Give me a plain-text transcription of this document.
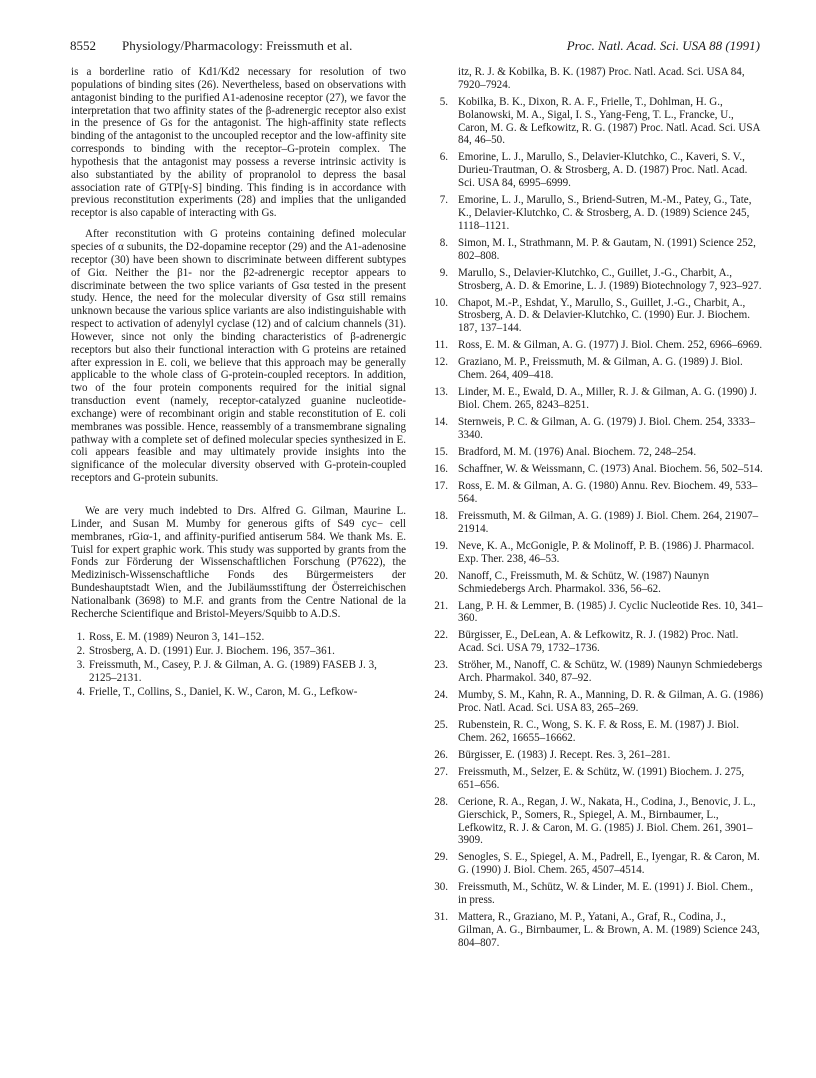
8552 Physiology/Pharmacology: Freissmuth et al.	Proc. Natl. Acad. Sci. USA 88 (1991)

is a borderline ratio of Kd1/Kd2 necessary for resolution of two populations of binding sites (26). Nevertheless, based on observations with antagonist binding to the purified A1-adenosine receptor (27), we favor the interpretation that two affinity states of the β-adrenergic receptor also exist in the presence of Gs for the antagonist. The high-affinity state reflects binding of the antagonist to the uncoupled receptor and the low-affinity site corresponds to binding with the receptor–G-protein complex. The hypothesis that the antagonist may possess a reverse intrinsic activity is also substantiated by the ability of propranolol to depress the basal association rate of GTP[γ-S] binding. This finding is in accordance with previous reconstitution experiments (28) and implies that the unliganded receptor is also capable of interacting with Gs.

After reconstitution with G proteins containing defined molecular species of α subunits, the D2-dopamine receptor (29) and the A1-adenosine receptor (30) have been shown to discriminate between different subtypes of Giα. Neither the β1- nor the β2-adrenergic receptor appears to discriminate between the two splice variants of Gsα tested in the present study. Hence, the need for the molecular diversity of Gsα still remains unknown because the various splice variants are also indistinguishable with respect to activation of adenylyl cyclase (12) and of calcium channels (31). However, since not only the binding characteristics of β-adrenergic receptors but also their functional interaction with G proteins are retained after expression in E. coli, we believe that this approach may be generally applicable to the whole class of G-protein-coupled receptors. In addition, two of the four protein components required for the initial signal transduction event (namely, receptor-catalyzed guanine nucleotide-exchange) were of recombinant origin and stable reconstitution of E. coli membranes was possible. Hence, reassembly of a transmembrane signaling pathway with a complete set of defined molecular species synthesized in E. coli appears feasible and may ultimately provide insights into the significance of the molecular diversity observed with G-protein-coupled receptors and G-protein subunits.

We are very much indebted to Drs. Alfred G. Gilman, Maurine L. Linder, and Susan M. Mumby for generous gifts of S49 cyc− cell membranes, rGiα-1, and affinity-purified antiserum 584. We thank Ms. E. Tuisl for expert graphic work. This study was supported by grants from the Fonds zur Förderung der Wissenschaftlichen Forschung (P7622), the Medizinisch-Wissenschaftliche Fonds des Bürgermeisters der Bundeshauptstadt Wien, and the Jubiläumsstiftung der Österreichischen Nationalbank (3698) to M.F. and grants from the Centre National de la Recherche Scientifique and Bristol-Meyers/Squibb to A.D.S.

1. Ross, E. M. (1989) Neuron 3, 141–152.
2. Strosberg, A. D. (1991) Eur. J. Biochem. 196, 357–361.
3. Freissmuth, M., Casey, P. J. & Gilman, A. G. (1989) FASEB J. 3, 2125–2131.
4. Frielle, T., Collins, S., Daniel, K. W., Caron, M. G., Lefkow-
itz, R. J. & Kobilka, B. K. (1987) Proc. Natl. Acad. Sci. USA 84, 7920–7924.
5. Kobilka, B. K., Dixon, R. A. F., Frielle, T., Dohlman, H. G., Bolanowski, M. A., Sigal, I. S., Yang-Feng, T. L., Francke, U., Caron, M. G. & Lefkowitz, R. G. (1987) Proc. Natl. Acad. Sci. USA 84, 46–50.
6. Emorine, L. J., Marullo, S., Delavier-Klutchko, C., Kaveri, S. V., Durieu-Trautman, O. & Strosberg, A. D. (1987) Proc. Natl. Acad. Sci. USA 84, 6995–6999.
7. Emorine, L. J., Marullo, S., Briend-Sutren, M.-M., Patey, G., Tate, K., Delavier-Klutchko, C. & Strosberg, A. D. (1989) Science 245, 1118–1121.
8. Simon, M. I., Strathmann, M. P. & Gautam, N. (1991) Science 252, 802–808.
9. Marullo, S., Delavier-Klutchko, C., Guillet, J.-G., Charbit, A., Strosberg, A. D. & Emorine, L. J. (1989) Biotechnology 7, 923–927.
10. Chapot, M.-P., Eshdat, Y., Marullo, S., Guillet, J.-G., Charbit, A., Strosberg, A. D. & Delavier-Klutchko, C. (1990) Eur. J. Biochem. 187, 137–144.
11. Ross, E. M. & Gilman, A. G. (1977) J. Biol. Chem. 252, 6966–6969.
12. Graziano, M. P., Freissmuth, M. & Gilman, A. G. (1989) J. Biol. Chem. 264, 409–418.
13. Linder, M. E., Ewald, D. A., Miller, R. J. & Gilman, A. G. (1990) J. Biol. Chem. 265, 8243–8251.
14. Sternweis, P. C. & Gilman, A. G. (1979) J. Biol. Chem. 254, 3333–3340.
15. Bradford, M. M. (1976) Anal. Biochem. 72, 248–254.
16. Schaffner, W. & Weissmann, C. (1973) Anal. Biochem. 56, 502–514.
17. Ross, E. M. & Gilman, A. G. (1980) Annu. Rev. Biochem. 49, 533–564.
18. Freissmuth, M. & Gilman, A. G. (1989) J. Biol. Chem. 264, 21907–21914.
19. Neve, K. A., McGonigle, P. & Molinoff, P. B. (1986) J. Pharmacol. Exp. Ther. 238, 46–53.
20. Nanoff, C., Freissmuth, M. & Schütz, W. (1987) Naunyn Schmiedebergs Arch. Pharmakol. 336, 56–62.
21. Lang, P. H. & Lemmer, B. (1985) J. Cyclic Nucleotide Res. 10, 341–360.
22. Bürgisser, E., DeLean, A. & Lefkowitz, R. J. (1982) Proc. Natl. Acad. Sci. USA 79, 1732–1736.
23. Ströher, M., Nanoff, C. & Schütz, W. (1989) Naunyn Schmiedebergs Arch. Pharmakol. 340, 87–92.
24. Mumby, S. M., Kahn, R. A., Manning, D. R. & Gilman, A. G. (1986) Proc. Natl. Acad. Sci. USA 83, 265–269.
25. Rubenstein, R. C., Wong, S. K. F. & Ross, E. M. (1987) J. Biol. Chem. 262, 16655–16662.
26. Bürgisser, E. (1983) J. Recept. Res. 3, 261–281.
27. Freissmuth, M., Selzer, E. & Schütz, W. (1991) Biochem. J. 275, 651–656.
28. Cerione, R. A., Regan, J. W., Nakata, H., Codina, J., Benovic, J. L., Gierschick, P., Somers, R., Spiegel, A. M., Birnbaumer, L., Lefkowitz, R. J. & Caron, M. G. (1985) J. Biol. Chem. 261, 3901–3909.
29. Senogles, S. E., Spiegel, A. M., Padrell, E., Iyengar, R. & Caron, M. G. (1990) J. Biol. Chem. 265, 4507–4514.
30. Freissmuth, M., Schütz, W. & Linder, M. E. (1991) J. Biol. Chem., in press.
31. Mattera, R., Graziano, M. P., Yatani, A., Graf, R., Codina, J., Gilman, A. G., Birnbaumer, L. & Brown, A. M. (1989) Science 243, 804–807.
